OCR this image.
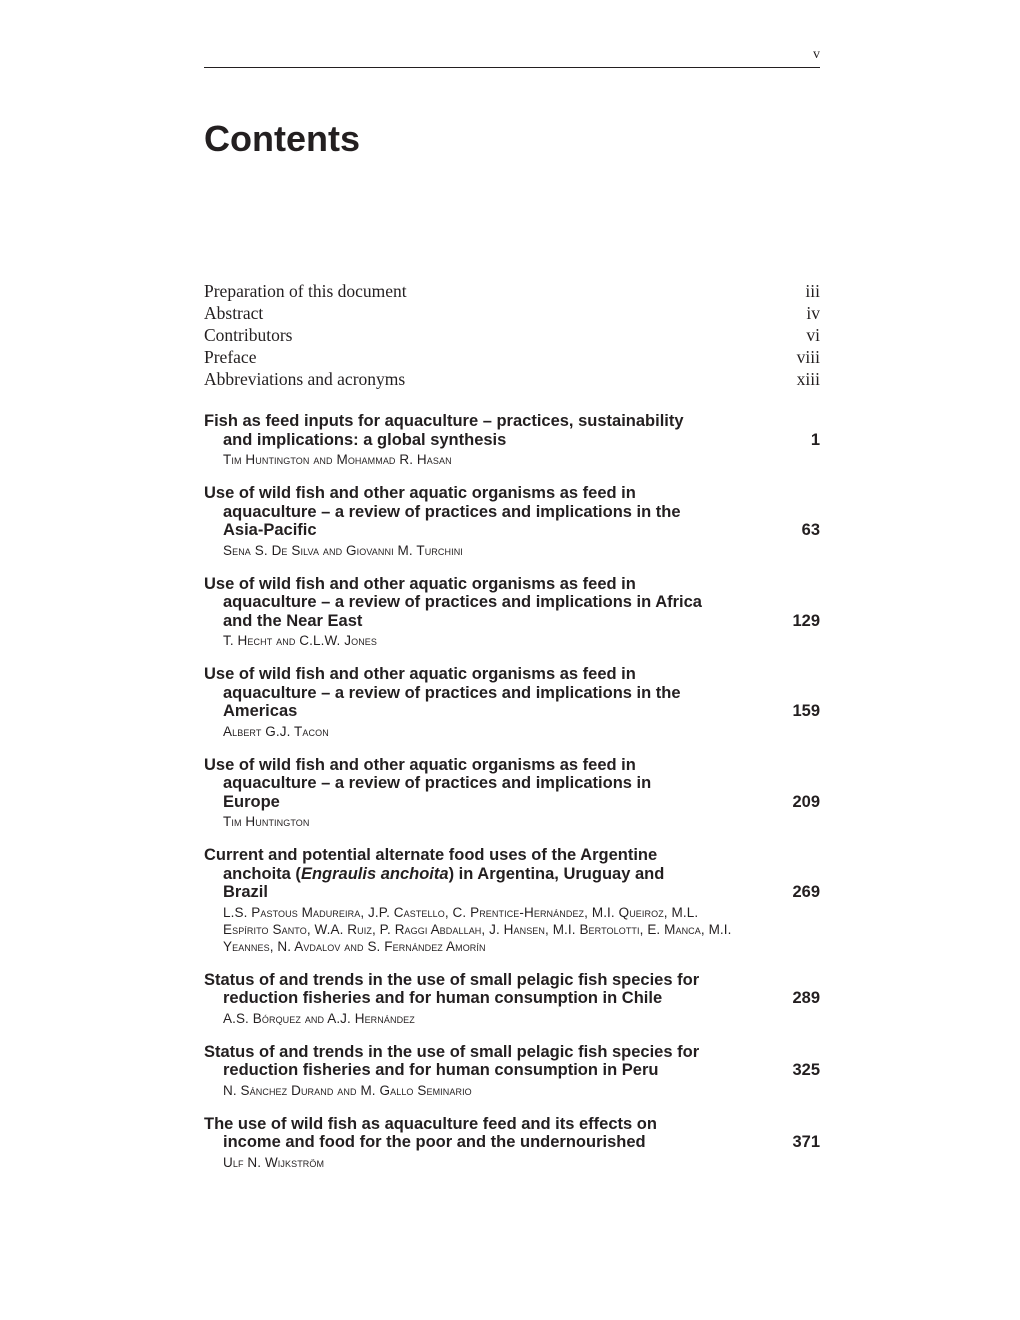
v
Contents
Preparation of this document	iii
Abstract	iv
Contributors	vi
Preface	viii
Abbreviations and acronyms	xiii
Fish as feed inputs for aquaculture – practices, sustainability
and implications: a global synthesis	1
Tim Huntington and Mohammad R. Hasan
Use of wild fish and other aquatic organisms as feed in
aquaculture – a review of practices and implications in the
Asia-Pacific	63
Sena S. De Silva and Giovanni M. Turchini
Use of wild fish and other aquatic organisms as feed in
aquaculture – a review of practices and implications in Africa
and the Near East	129
T. Hecht and C.L.W. Jones
Use of wild fish and other aquatic organisms as feed in
aquaculture – a review of practices and implications in the
Americas	159
Albert G.J. Tacon
Use of wild fish and other aquatic organisms as feed in
aquaculture – a review of practices and implications in
Europe	209
Tim Huntington
Current and potential alternate food uses of the Argentine
anchoita (Engraulis anchoita) in Argentina, Uruguay and
Brazil	269
L.S. Pastous Madureira, J.P. Castello, C. Prentice-Hernández, M.I. Queiroz, M.L. Espírito Santo, W.A. Ruiz, P. Raggi Abdallah, J. Hansen, M.I. Bertolotti, E. Manca, M.I. Yeannes, N. Avdalov and S. Fernández Amorín
Status of and trends in the use of small pelagic fish species for
reduction fisheries and for human consumption in Chile	289
A.S. Bórquez and A.J. Hernández
Status of and trends in the use of small pelagic fish species for
reduction fisheries and for human consumption in Peru	325
N. Sánchez Durand and M. Gallo Seminario
The use of wild fish as aquaculture feed and its effects on
income and food for the poor and the undernourished	371
Ulf N. Wijkström
